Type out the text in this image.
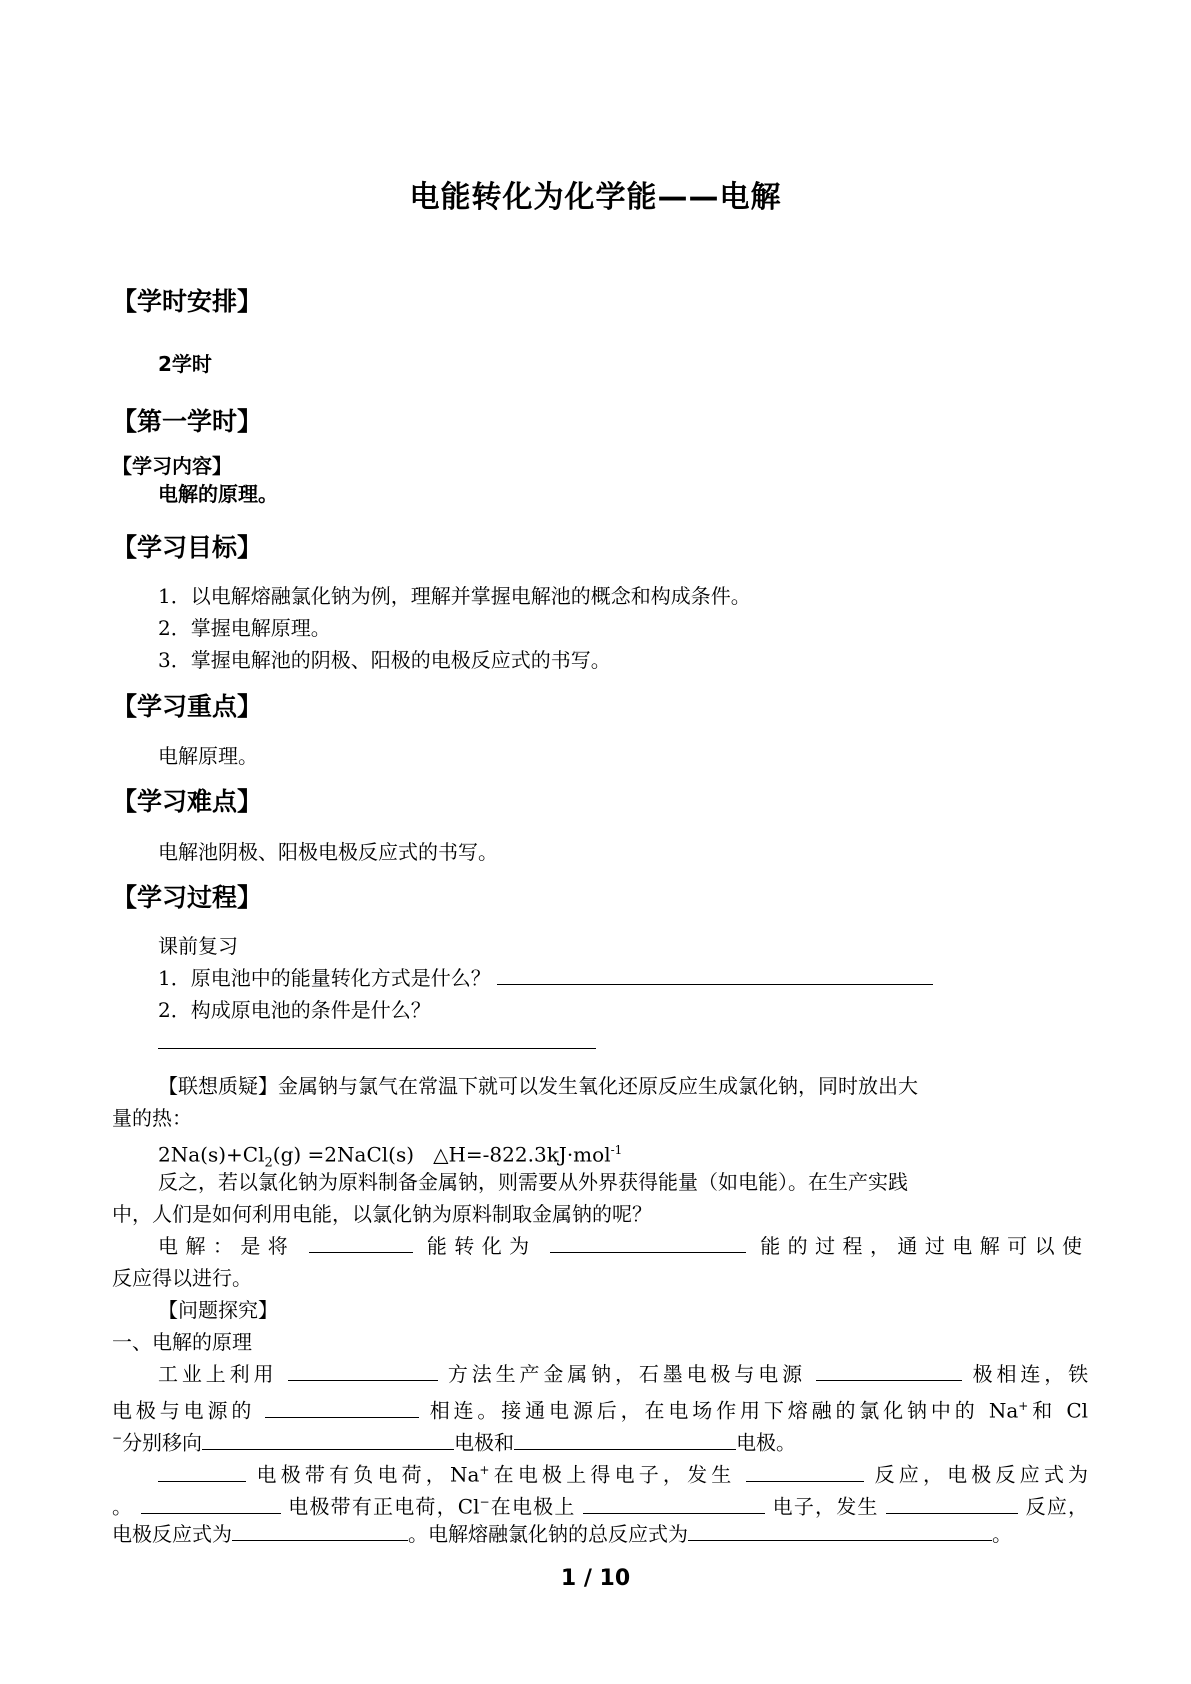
电能转化为化学能——电解
【学时安排】
2学时
【第一学时】
【学习内容】
电解的原理。
【学习目标】
1．以电解熔融氯化钠为例，理解并掌握电解池的概念和构成条件。
2．掌握电解原理。
3．掌握电解池的阴极、阳极的电极反应式的书写。
【学习重点】
电解原理。
【学习难点】
电解池阴极、阳极电极反应式的书写。
【学习过程】
课前复习
1．原电池中的能量转化方式是什么？
2．构成原电池的条件是什么？
【联想质疑】金属钠与氯气在常温下就可以发生氧化还原反应生成氯化钠，同时放出大
量的热：
$2Na(s)+Cl_2(g)$ =2NaCl(s) △H=-822.3kJ·mol$^{-1}$
反之，若以氯化钠为原料制备金属钠，则需要从外界获得能量（如电能）。在生产实践
中，人们是如何利用电能，以氯化钠为原料制取金属钠的呢？
电解：是将	能转化为	能的过程，通过电解可以使
反应得以进行。
【问题探究】
一、电解的原理
工业上利用	方法生产金属钠，石墨电极与电源	极相连，铁
电极与电源的	相连。接通电源后，在电场作用下熔融的氯化钠中的 Na+和 Cl
−分别移向	电极和	电极。
电极带有负电荷，Na+在电极上得电子，发生	反应，电极反应式为
。	电极带有正电荷，Cl−在电极上	电子，发生	反应，
电极反应式为	。电解熔融氯化钠的总反应式为	。
1 / 10
